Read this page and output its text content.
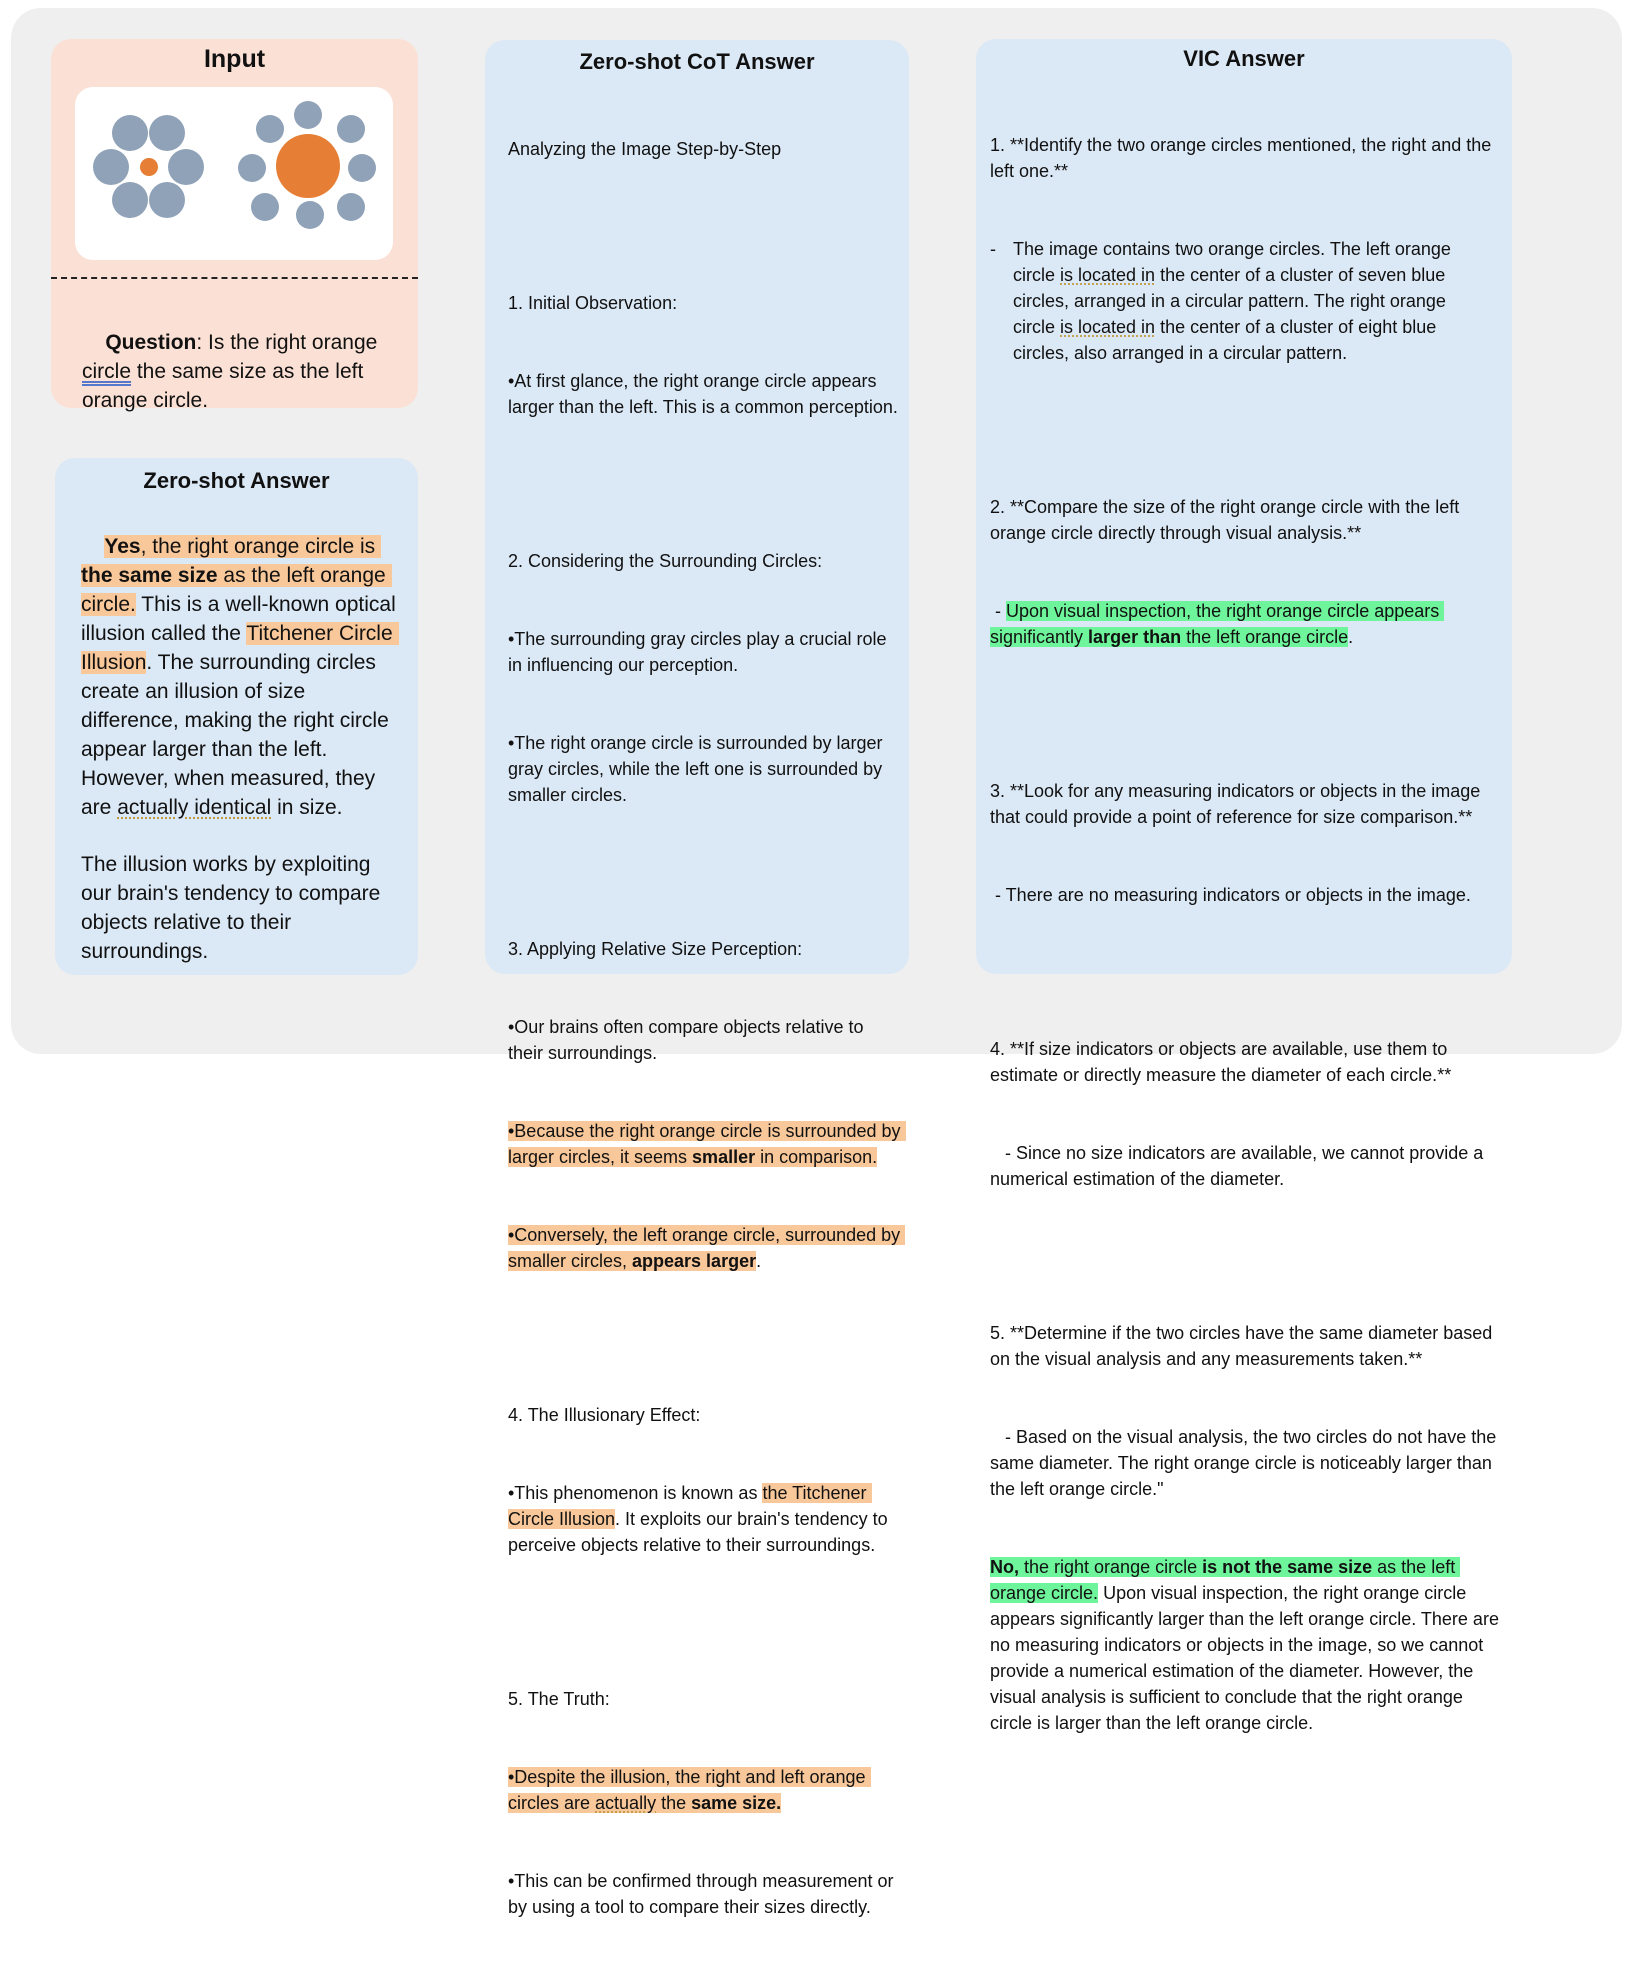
Input

Question: Is the right orange circle the same size as the left orange circle.

Zero-shot Answer

Yes, the right orange circle is the same size as the left orange circle. This is a well-known optical illusion called the Titchener Circle Illusion. The surrounding circles create an illusion of size difference, making the right circle appear larger than the left. However, when measured, they are actually identical in size.

The illusion works by exploiting our brain's tendency to compare objects relative to their surroundings.
Zero-shot CoT Answer

Analyzing the Image Step-by-Step

1. Initial Observation:

•At first glance, the right orange circle appears larger than the left. This is a common perception.

2. Considering the Surrounding Circles:

•The surrounding gray circles play a crucial role in influencing our perception.

•The right orange circle is surrounded by larger gray circles, while the left one is surrounded by smaller circles.

3. Applying Relative Size Perception:

•Our brains often compare objects relative to their surroundings.

•Because the right orange circle is surrounded by larger circles, it seems smaller in comparison.

•Conversely, the left orange circle, surrounded by smaller circles, appears larger.

4. The Illusionary Effect:

•This phenomenon is known as the Titchener Circle Illusion. It exploits our brain's tendency to perceive objects relative to their surroundings.

5. The Truth:

•Despite the illusion, the right and left orange circles are actually the same size.

•This can be confirmed through measurement or by using a tool to compare their sizes directly.

VIC Answer

1. **Identify the two orange circles mentioned, the right and the left one.**

- The image contains two orange circles. The left orange circle is located in the center of a cluster of seven blue circles, arranged in a circular pattern. The right orange circle is located in the center of a cluster of eight blue circles, also arranged in a circular pattern.

2. **Compare the size of the right orange circle with the left orange circle directly through visual analysis.**

- Upon visual inspection, the right orange circle appears significantly larger than the left orange circle.

3. **Look for any measuring indicators or objects in the image that could provide a point of reference for size comparison.**

- There are no measuring indicators or objects in the image.

4. **If size indicators or objects are available, use them to estimate or directly measure the diameter of each circle.**

- Since no size indicators are available, we cannot provide a numerical estimation of the diameter.

5. **Determine if the two circles have the same diameter based on the visual analysis and any measurements taken.**

- Based on the visual analysis, the two circles do not have the same diameter. The right orange circle is noticeably larger than the left orange circle."

No, the right orange circle is not the same size as the left orange circle. Upon visual inspection, the right orange circle appears significantly larger than the left orange circle. There are no measuring indicators or objects in the image, so we cannot provide a numerical estimation of the diameter. However, the visual analysis is sufficient to conclude that the right orange circle is larger than the left orange circle.
